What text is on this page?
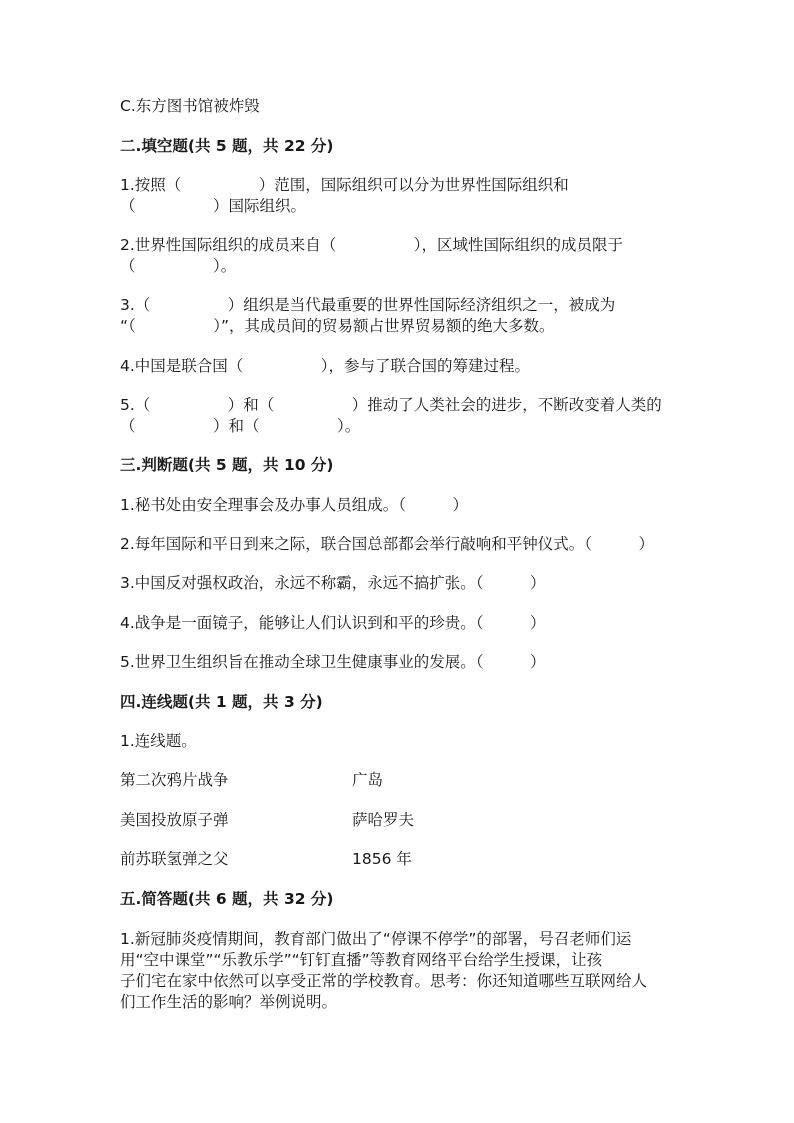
C.东方图书馆被炸毁
二.填空题(共 5 题，共 22 分)
1.按照（　　　　　）范围，国际组织可以分为世界性国际组织和
（　　　　　）国际组织。
2.世界性国际组织的成员来自（　　　　　），区域性国际组织的成员限于
（　　　　　）。
3.（　　　　　）组织是当代最重要的世界性国际经济组织之一，被成为
“（　　　　　）”，其成员间的贸易额占世界贸易额的绝大多数。
4.中国是联合国（　　　　　），参与了联合国的筹建过程。
5.（　　　　　）和（　　　　　）推动了人类社会的进步，不断改变着人类的
（　　　　　）和（　　　　　）。
三.判断题(共 5 题，共 10 分)
1.秘书处由安全理事会及办事人员组成。（　　　）
2.每年国际和平日到来之际，联合国总部都会举行敲响和平钟仪式。（　　　）
3.中国反对强权政治，永远不称霸，永远不搞扩张。（　　　）
4.战争是一面镜子，能够让人们认识到和平的珍贵。（　　　）
5.世界卫生组织旨在推动全球卫生健康事业的发展。（　　　）
四.连线题(共 1 题，共 3 分)
1.连线题。
第二次鸦片战争	广岛
美国投放原子弹	萨哈罗夫
前苏联氢弹之父	1856 年
五.简答题(共 6 题，共 32 分)
1.新冠肺炎疫情期间，教育部门做出了“停课不停学”的部署，号召老师们运
用“空中课堂”“乐教乐学”“钉钉直播”等教育网络平台给学生授课，让孩
子们宅在家中依然可以享受正常的学校教育。思考：你还知道哪些互联网给人
们工作生活的影响？举例说明。
